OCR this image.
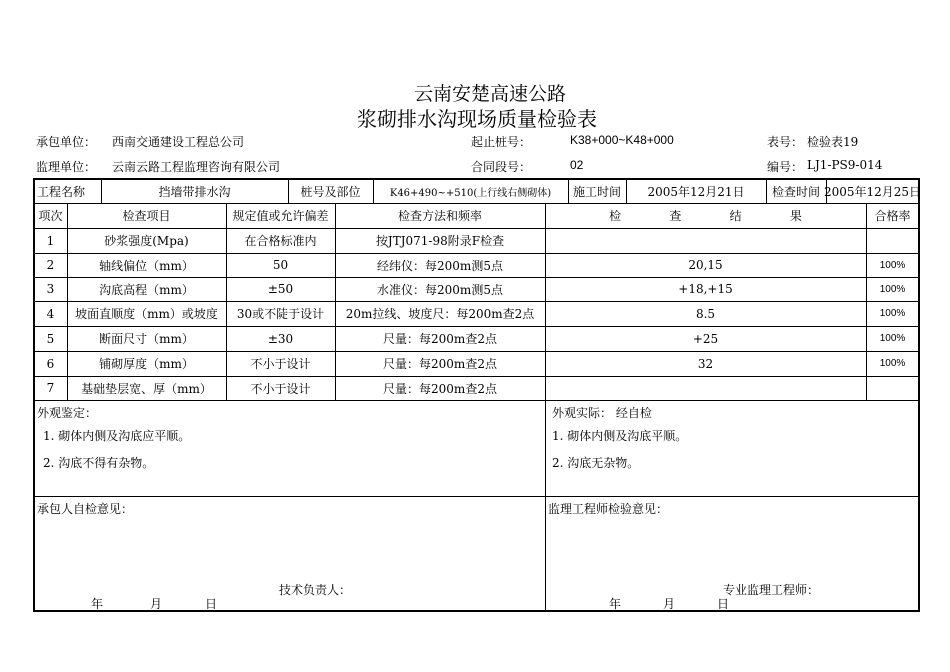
云南安楚高速公路
浆砌排水沟现场质量检验表
承包单位： 西南交通建设工程总公司	起止桩号：	K38+000~K48+000	表号： 检验表19
监理单位： 云南云路工程监理咨询有限公司	合同段号：	02	编号： LJ1-PS9-014
工程名称	挡墙带排水沟	桩号及部位	K46+490~+510(上行线右侧砌体)	施工时间	2005年12月21日	检查时间 2005年12月25日
项次	检查项目	规定值或允许偏差	检查方法和频率	检	查	结	果	合格率
1	砂浆强度(Mpa)	在合格标准内	按JTJ071-98附录F检查
2	轴线偏位（mm）	50	经纬仪：每200m测5点	20,15	100%
3	沟底高程（mm）	±50	水准仪：每200m测5点	+18,+15	100%
4	坡面直顺度（mm）或坡度	30或不陡于设计	20m拉线、坡度尺：每200m查2点	8.5	100%
5	断面尺寸（mm）	±30	尺量：每200m查2点	+25	100%
6	铺砌厚度（mm）	不小于设计	尺量：每200m查2点	32	100%
7	基础垫层宽、厚（mm）	不小于设计	尺量：每200m查2点
外观鉴定：
1. 砌体内侧及沟底应平顺。
2. 沟底不得有杂物。
外观实际： 经自检
1. 砌体内侧及沟底平顺。
2. 沟底无杂物。
承包人自检意见：
技术负责人：
年	月	日
监理工程师检验意见：
专业监理工程师：
年	月	日
